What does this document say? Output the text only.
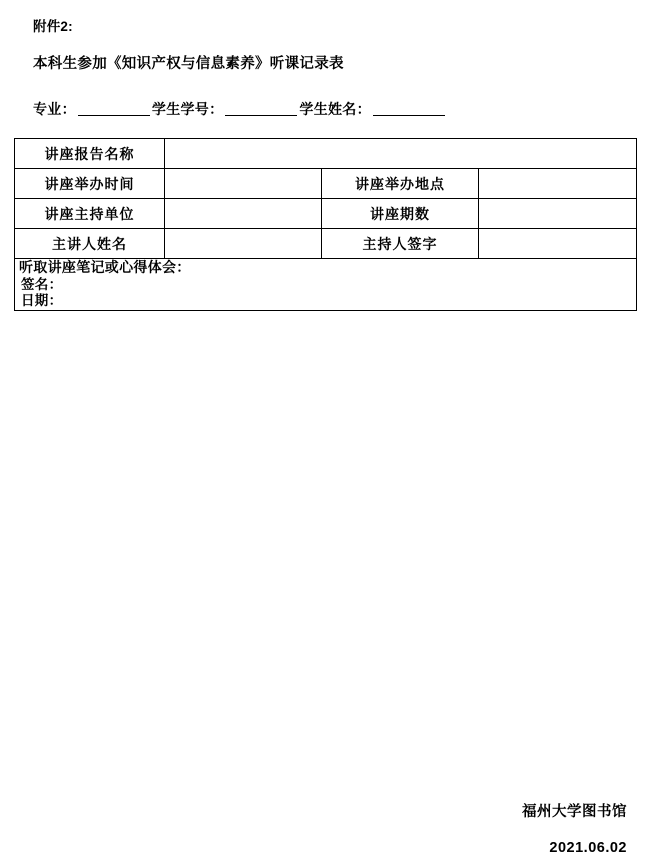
附件2:
本科生参加《知识产权与信息素养》听课记录表
专业：	学生学号：	学生姓名：
讲座报告名称			
讲座举办时间		讲座举办地点	
讲座主持单位		讲座期数	
主讲人姓名		主持人签字	

听取讲座笔记或心得体会：
签名：
日期：			
福州大学图书馆
2021.06.02
